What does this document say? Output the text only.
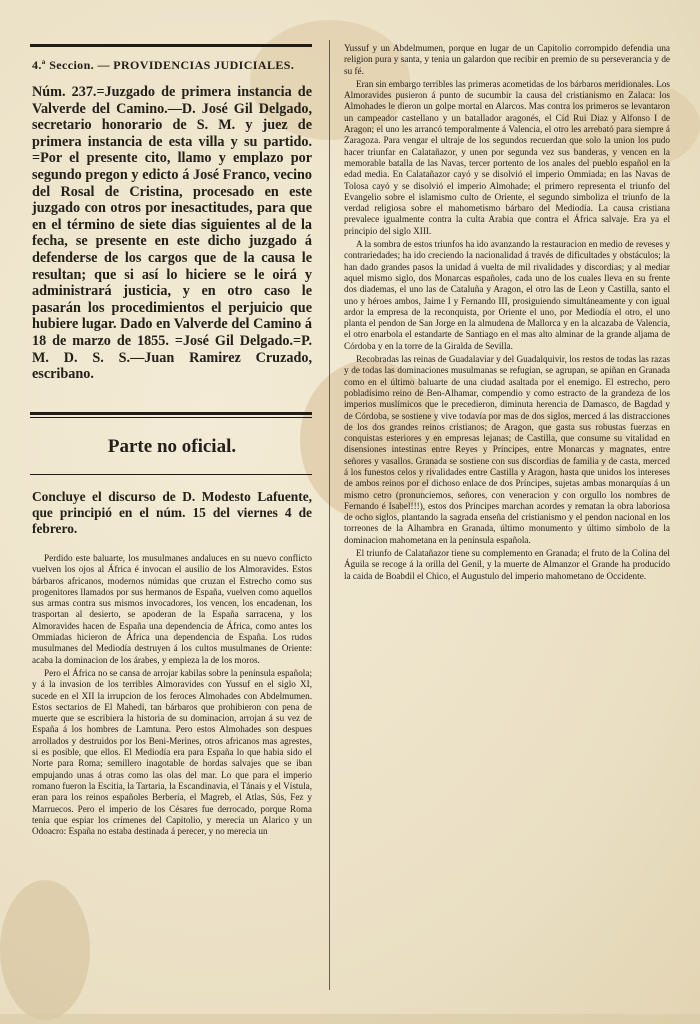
4.ª Seccion. — PROVIDENCIAS JUDICIALES.
Núm. 237.=Juzgado de primera instancia de Valverde del Camino.—D. José Gil Delgado, secretario honorario de S. M. y juez de primera instancia de esta villa y su partido. =Por el presente cito, llamo y emplazo por segundo pregon y edicto á José Franco, vecino del Rosal de Cristina, procesado en este juzgado con otros por inesactitudes, para que en el término de siete dias siguientes al de la fecha, se presente en este dicho juzgado á defenderse de los cargos que de la causa le resultan; que si así lo hiciere se le oirá y administrará justicia, y en otro caso le pasarán los procedimientos el perjuicio que hubiere lugar. Dado en Valverde del Camino á 18 de marzo de 1855. =José Gil Delgado.=P. M. D. S. S.—Juan Ramirez Cruzado, escribano.
Parte no oficial.
Concluye el discurso de D. Modesto Lafuente, que principió en el núm. 15 del viernes 4 de febrero.

Perdido este baluarte, los musulmanes andaluces en su nuevo conflicto vuelven los ojos al África é invocan el ausilio de los Almoravides. Estos bárbaros africanos, modernos númidas que cruzan el Estrecho como sus progenitores llamados por sus hermanos de España, vuelven como aquellos sus armas contra sus mismos invocadores, los vencen, los encadenan, los trasportan al desierto, se apoderan de la España sarracena, y los Almoravides hacen de España una dependencia de África, como antes los Ommiadas hicieron de África una dependencia de España. Los rudos musulmanes del Mediodía destruyen á los cultos musulmanes de Oriente: acaba la dominacion de los árabes, y empieza la de los moros.

Pero el África no se cansa de arrojar kabilas sobre la península española; y á la invasion de los terribles Almoravides con Yussuf en el siglo XI, sucede en el XII la irrupcion de los feroces Almohades con Abdelmumen. Estos sectarios de El Mahedi, tan bárbaros que prohibieron con pena de muerte que se escribiera la historia de su dominacion, arrojan á su vez de España á los hombres de Lamtuna. Pero estos Almohades son despues arrollados y destruidos por los Beni-Merines, otros africanos mas agrestes, si es posible, que ellos. El Mediodía era para España lo que habia sido el Norte para Roma; semillero inagotable de hordas salvajes que se iban empujando unas á otras como las olas del mar. Lo que para el imperio romano fueron la Escitia, la Tartaria, la Escandinavia, el Tánais y el Vístula, eran para los reinos españoles Berbería, el Magreb, el Atlas, Sús, Fez y Marruecos. Pero el imperio de los Césares fue derrocado, porque Roma tenia que espiar los crímenes del Capitolio, y merecia un Alarico y un Odoacro: España no estaba destinada á perecer, y no merecia un

Yussuf y un Abdelmumen, porque en lugar de un Capitolio corrompido defendia una religion pura y santa, y tenia un galardon que recibir en premio de su perseverancia y de su fé.

Eran sin embargo terribles las primeras acometidas de los bárbaros meridionales. Los Almoravides pusieron á punto de sucumbir la causa del cristianismo en Zalaca: los Almohades le dieron un golpe mortal en Alarcos. Mas contra los primeros se levantaron un campeador castellano y un batallador aragonés, el Cid Rui Diaz y Alfonso I de Aragon; el uno les arrancó temporalmente á Valencia, el otro les arrebató para siempre á Zaragoza. Para vengar el ultraje de los segundos recuerdan que solo la union los pudo hacer triunfar en Calatañazor, y unen por segunda vez sus banderas, y vencen en la memorable batalla de las Navas, tercer portento de los anales del pueblo español en la edad media. En Calatañazor cayó y se disolvió el imperio Ommiada; en las Navas de Tolosa cayó y se disolvió el imperio Almohade; el primero representa el triunfo del Evangelio sobre el islamismo culto de Oriente, el segundo simboliza el triunfo de la verdad religiosa sobre el mahometismo bárbaro del Mediodía. La causa cristiana prevalece igualmente contra la culta Arabia que contra el África salvaje. Era ya el principio del siglo XIII.

A la sombra de estos triunfos ha ido avanzando la restauracion en medio de reveses y contrariedades; ha ido creciendo la nacionalidad á través de dificultades y obstáculos; la han dado grandes pasos la unidad á vuelta de mil rivalidades y discordias; y al mediar aquel mismo siglo, dos Monarcas españoles, cada uno de los cuales lleva en su frente dos diademas, el uno las de Cataluña y Aragon, el otro las de Leon y Castilla, santo el uno y héroes ambos, Jaime I y Fernando III, prosiguiendo simultáneamente y con igual ardor la empresa de la reconquista, por Oriente el uno, por Mediodía el otro, el uno planta el pendon de San Jorge en la almudena de Mallorca y en la alcazaba de Valencia, el otro enarbola el estandarte de Santiago en el mas alto alminar de la grande aljama de Córdoba y en la torre de la Giralda de Sevilla.

Recobradas las reinas de Guadalaviar y del Guadalquivir, los restos de todas las razas y de todas las dominaciones musulmanas se refugian, se agrupan, se apiñan en Granada como en el último baluarte de una ciudad asaltada por el enemigo. El estrecho, pero pobladísimo reino de Ben-Alhamar, compendio y como estracto de la grandeza de los imperios muslímicos que le precedieron, diminuta herencia de Damasco, de Bagdad y de Córdoba, se sostiene y vive todavía por mas de dos siglos, merced á las distracciones de los dos grandes reinos cristianos; de Aragon, que gasta sus robustas fuerzas en conquistas esteriores y en empresas lejanas; de Castilla, que consume su vitalidad en disensiones intestinas entre Reyes y Príncipes, entre Monarcas y magnates, entre señores y vasallos. Granada se sostiene con sus discordias de familia y de casta, merced á los funestos celos y rivalidades entre Castilla y Aragon, hasta que unidos los intereses de ambos reinos por el dichoso enlace de dos Príncipes, sujetas ambas monarquías á un mismo cetro (pronunciemos, señores, con veneracion y con orgullo los nombres de Fernando é Isabel!!!), estos dos Príncipes marchan acordes y rematan la obra laboriosa de ocho siglos, plantando la sagrada enseña del cristianismo y el pendon nacional en los torreones de la Alhambra en Granada, último monumento y último símbolo de la dominacion mahometana en la península española.

El triunfo de Calatañazor tiene su complemento en Granada; el fruto de la Colina del Águila se recoge á la orilla del Genil, y la muerte de Almanzor el Grande ha producido la caida de Boabdil el Chico, el Augustulo del imperio mahometano de Occidente.
